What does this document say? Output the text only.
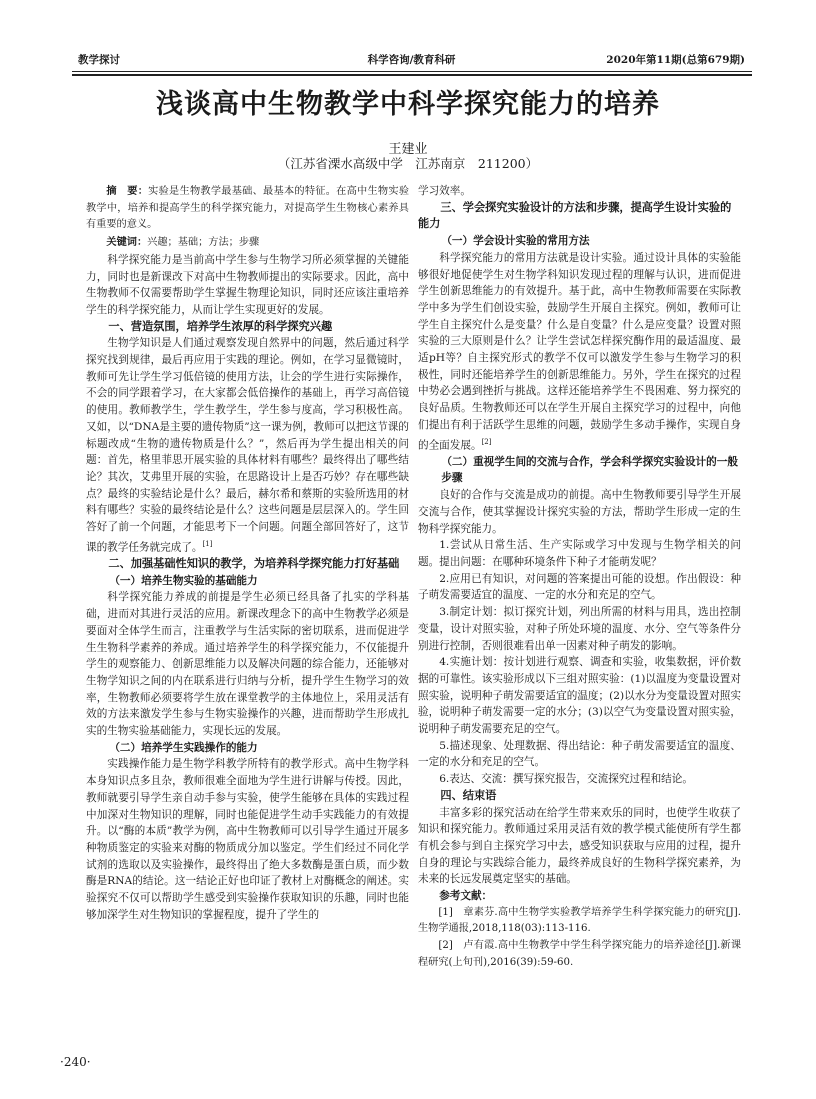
教学探讨	科学咨询/教育科研	2020年第11期(总第679期)
浅谈高中生物教学中科学探究能力的培养
王建业
（江苏省溧水高级中学　江苏南京　211200）

摘　要：实验是生物教学最基础、最基本的特征。在高中生物实验教学中，培养和提高学生的科学探究能力，对提高学生生物核心素养具有重要的意义。

关键词：兴趣；基础；方法；步骤

科学探究能力是当前高中学生参与生物学习所必须掌握的关键能力，同时也是新课改下对高中生物教师提出的实际要求。因此，高中生物教师不仅需要帮助学生掌握生物理论知识，同时还应该注重培养学生的科学探究能力，从而让学生实现更好的发展。

一、营造氛围，培养学生浓厚的科学探究兴趣

生物学知识是人们通过观察发现自然界中的问题，然后通过科学探究找到规律，最后再应用于实践的理论。例如，在学习显微镜时，教师可先让学生学习低倍镜的使用方法，让会的学生进行实际操作，不会的同学跟着学习，在大家都会低倍操作的基础上，再学习高倍镜的使用。教师教学生，学生教学生，学生参与度高，学习积极性高。又如，以“DNA是主要的遗传物质”这一课为例，教师可以把这节课的标题改成“生物的遗传物质是什么？”，然后再为学生提出相关的问题：首先，格里菲思开展实验的具体材料有哪些？最终得出了哪些结论？其次，艾弗里开展的实验，在思路设计上是否巧妙？存在哪些缺点？最终的实验结论是什么？最后，赫尔希和蔡斯的实验所选用的材料有哪些？实验的最终结论是什么？这些问题是层层深入的。学生回答好了前一个问题，才能思考下一个问题。问题全部回答好了，这节课的教学任务就完成了。[1]

二、加强基础性知识的教学，为培养科学探究能力打好基础
（一）培养生物实验的基础能力

科学探究能力养成的前提是学生必须已经具备了扎实的学科基础，进而对其进行灵活的应用。新课改理念下的高中生物教学必须是要面对全体学生而言，注重教学与生活实际的密切联系，进而促进学生生物科学素养的养成。通过培养学生的科学探究能力，不仅能提升学生的观察能力、创新思维能力以及解决问题的综合能力，还能够对生物学知识之间的内在联系进行归纳与分析，提升学生生物学习的效率，生物教师必须要将学生放在课堂教学的主体地位上，采用灵活有效的方法来激发学生参与生物实验操作的兴趣，进而帮助学生形成扎实的生物实验基础能力，实现长远的发展。

（二）培养学生实践操作的能力

实践操作能力是生物学科教学所特有的教学形式。高中生物学科本身知识点多且杂，教师很难全面地为学生进行讲解与传授。因此，教师就要引导学生亲自动手参与实验，使学生能够在具体的实践过程中加深对生物知识的理解，同时也能促进学生动手实践能力的有效提升。以“酶的本质”教学为例，高中生物教师可以引导学生通过开展多种物质鉴定的实验来对酶的物质成分加以鉴定。学生们经过不同化学试剂的选取以及实验操作，最终得出了绝大多数酶是蛋白质，而少数酶是RNA的结论。这一结论正好也印证了教材上对酶概念的阐述。实验探究不仅可以帮助学生感受到实验操作获取知识的乐趣，同时也能够加深学生对生物知识的掌握程度，提升了学生的

学习效率。

三、学会探究实验设计的方法和步骤，提高学生设计实验的能力
（一）学会设计实验的常用方法

科学探究能力的常用方法就是设计实验。通过设计具体的实验能够很好地促使学生对生物学科知识发现过程的理解与认识，进而促进学生创新思维能力的有效提升。基于此，高中生物教师需要在实际教学中多为学生们创设实验，鼓励学生开展自主探究。例如，教师可让学生自主探究什么是变量？什么是自变量？什么是应变量？设置对照实验的三大原则是什么？让学生尝试怎样探究酶作用的最适温度、最适pH等？自主探究形式的教学不仅可以激发学生参与生物学习的积极性，同时还能培养学生的创新思维能力。另外，学生在探究的过程中势必会遇到挫折与挑战。这样还能培养学生不畏困难、努力探究的良好品质。生物教师还可以在学生开展自主探究学习的过程中，向他们提出有利于活跃学生思维的问题，鼓励学生多动手操作，实现自身的全面发展。[2]

（二）重视学生间的交流与合作，学会科学探究实验设计的一般步骤

良好的合作与交流是成功的前提。高中生物教师要引导学生开展交流与合作，使其掌握设计探究实验的方法，帮助学生形成一定的生物科学探究能力。

1.尝试从日常生活、生产实际或学习中发现与生物学相关的问题。提出问题：在哪种环境条件下种子才能萌发呢？

2.应用已有知识，对问题的答案提出可能的设想。作出假设：种子萌发需要适宜的温度、一定的水分和充足的空气。

3.制定计划：拟订探究计划，列出所需的材料与用具，选出控制变量，设计对照实验，对种子所处环境的温度、水分、空气等条件分别进行控制，否则很难看出单一因素对种子萌发的影响。

4.实施计划：按计划进行观察、调查和实验，收集数据，评价数据的可靠性。该实验形成以下三组对照实验：(1)以温度为变量设置对照实验，说明种子萌发需要适宜的温度；(2)以水分为变量设置对照实验，说明种子萌发需要一定的水分；(3)以空气为变量设置对照实验，说明种子萌发需要充足的空气。

5.描述现象、处理数据、得出结论：种子萌发需要适宜的温度、一定的水分和充足的空气。

6.表达、交流：撰写探究报告，交流探究过程和结论。

四、结束语

丰富多彩的探究活动在给学生带来欢乐的同时，也使学生收获了知识和探究能力。教师通过采用灵活有效的教学模式能使所有学生都有机会参与到自主探究学习中去，感受知识获取与应用的过程，提升自身的理论与实践综合能力，最终养成良好的生物科学探究素养，为未来的长远发展奠定坚实的基础。

参考文献：

[1]　章素芬.高中生物学实验教学培养学生科学探究能力的研究[J].生物学通报,2018,118(03):113-116.

[2]　卢有霞.高中生物教学中学生科学探究能力的培养途径[J].新课程研究(上旬刊),2016(39):59-60.

·240·
